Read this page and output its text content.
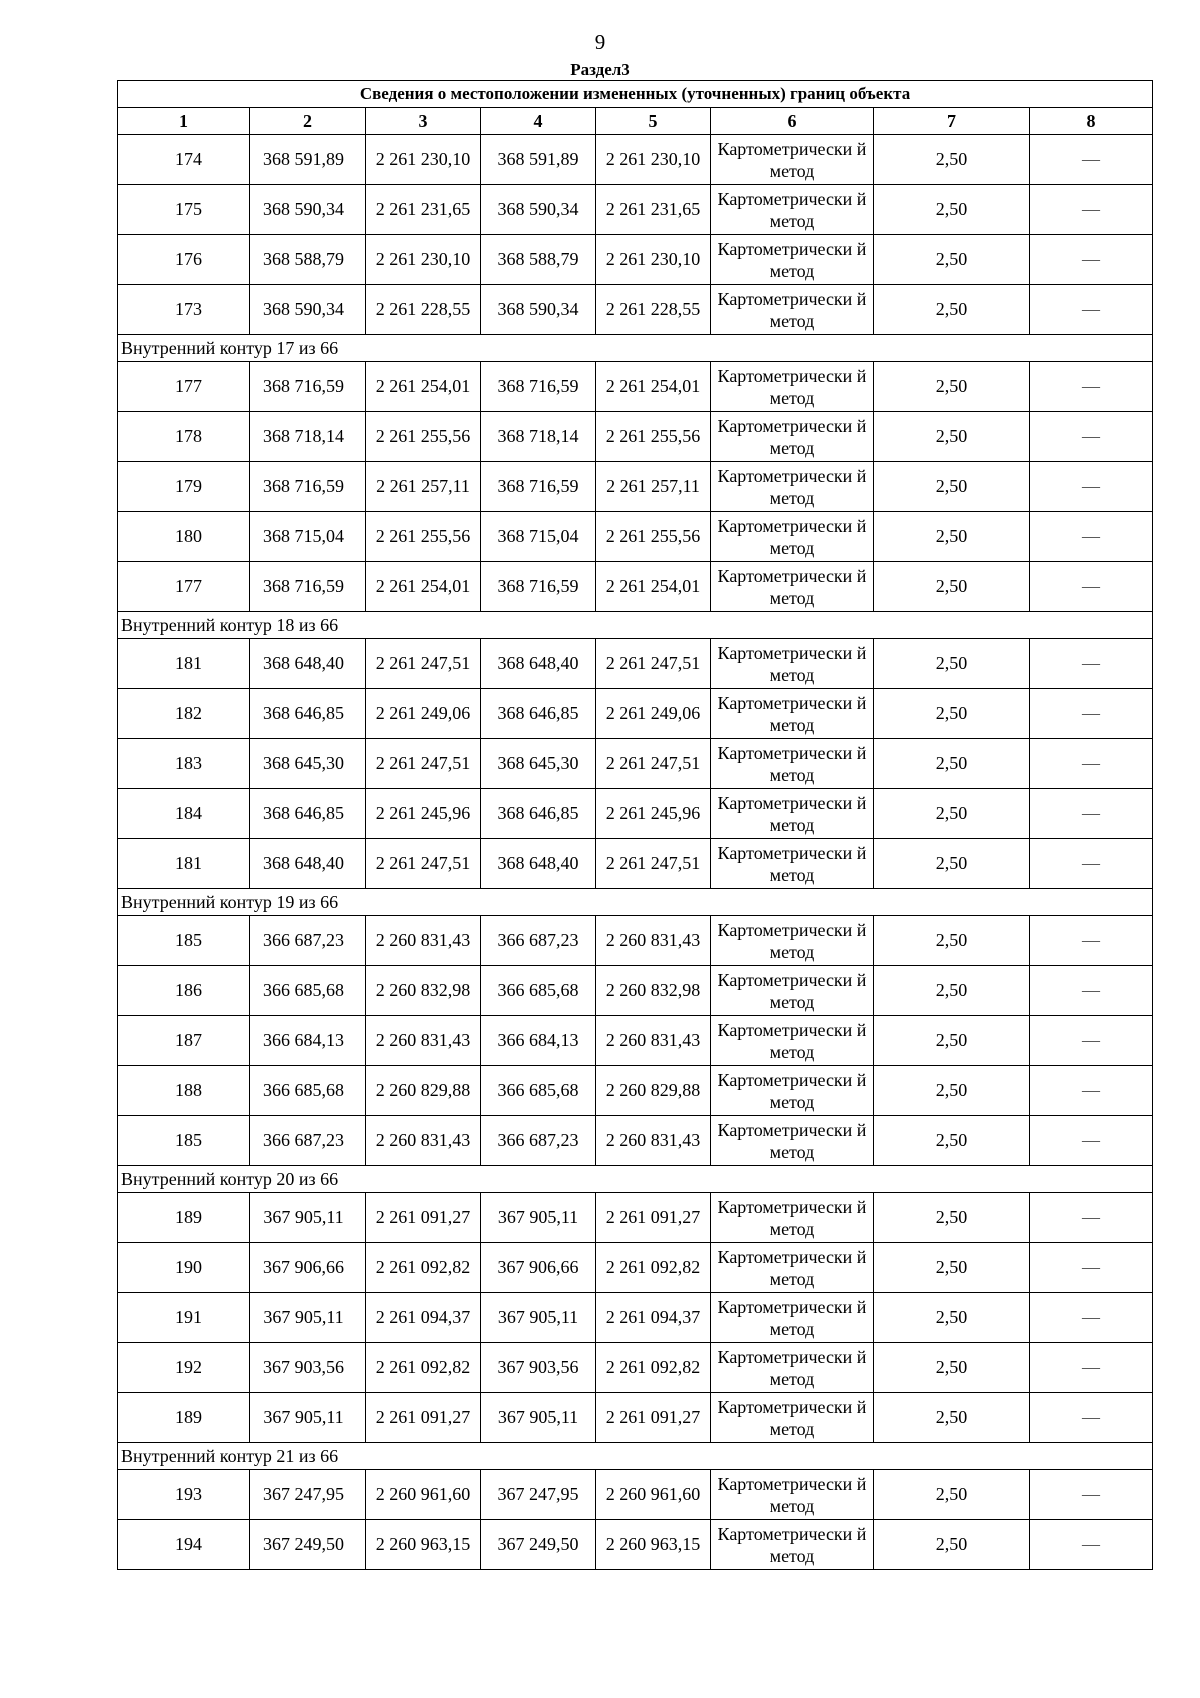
9
Раздел3
Сведения о местоположении измененных (уточненных) границ объекта							
1	2	3	4	5	6	7	8
174	368 591,89	2 261 230,10	368 591,89	2 261 230,10	Картометрически й метод	2,50	—
175	368 590,34	2 261 231,65	368 590,34	2 261 231,65	Картометрически й метод	2,50	—
176	368 588,79	2 261 230,10	368 588,79	2 261 230,10	Картометрически й метод	2,50	—
173	368 590,34	2 261 228,55	368 590,34	2 261 228,55	Картометрически й метод	2,50	—
Внутренний контур 17 из 66							
177	368 716,59	2 261 254,01	368 716,59	2 261 254,01	Картометрически й метод	2,50	—
178	368 718,14	2 261 255,56	368 718,14	2 261 255,56	Картометрически й метод	2,50	—
179	368 716,59	2 261 257,11	368 716,59	2 261 257,11	Картометрически й метод	2,50	—
180	368 715,04	2 261 255,56	368 715,04	2 261 255,56	Картометрически й метод	2,50	—
177	368 716,59	2 261 254,01	368 716,59	2 261 254,01	Картометрически й метод	2,50	—
Внутренний контур 18 из 66							
181	368 648,40	2 261 247,51	368 648,40	2 261 247,51	Картометрически й метод	2,50	—
182	368 646,85	2 261 249,06	368 646,85	2 261 249,06	Картометрически й метод	2,50	—
183	368 645,30	2 261 247,51	368 645,30	2 261 247,51	Картометрически й метод	2,50	—
184	368 646,85	2 261 245,96	368 646,85	2 261 245,96	Картометрически й метод	2,50	—
181	368 648,40	2 261 247,51	368 648,40	2 261 247,51	Картометрически й метод	2,50	—
Внутренний контур 19 из 66							
185	366 687,23	2 260 831,43	366 687,23	2 260 831,43	Картометрически й метод	2,50	—
186	366 685,68	2 260 832,98	366 685,68	2 260 832,98	Картометрически й метод	2,50	—
187	366 684,13	2 260 831,43	366 684,13	2 260 831,43	Картометрически й метод	2,50	—
188	366 685,68	2 260 829,88	366 685,68	2 260 829,88	Картометрически й метод	2,50	—
185	366 687,23	2 260 831,43	366 687,23	2 260 831,43	Картометрически й метод	2,50	—
Внутренний контур 20 из 66							
189	367 905,11	2 261 091,27	367 905,11	2 261 091,27	Картометрически й метод	2,50	—
190	367 906,66	2 261 092,82	367 906,66	2 261 092,82	Картометрически й метод	2,50	—
191	367 905,11	2 261 094,37	367 905,11	2 261 094,37	Картометрически й метод	2,50	—
192	367 903,56	2 261 092,82	367 903,56	2 261 092,82	Картометрически й метод	2,50	—
189	367 905,11	2 261 091,27	367 905,11	2 261 091,27	Картометрически й метод	2,50	—
Внутренний контур 21 из 66							
193	367 247,95	2 260 961,60	367 247,95	2 260 961,60	Картометрически й метод	2,50	—
194	367 249,50	2 260 963,15	367 249,50	2 260 963,15	Картометрически й метод	2,50	—
